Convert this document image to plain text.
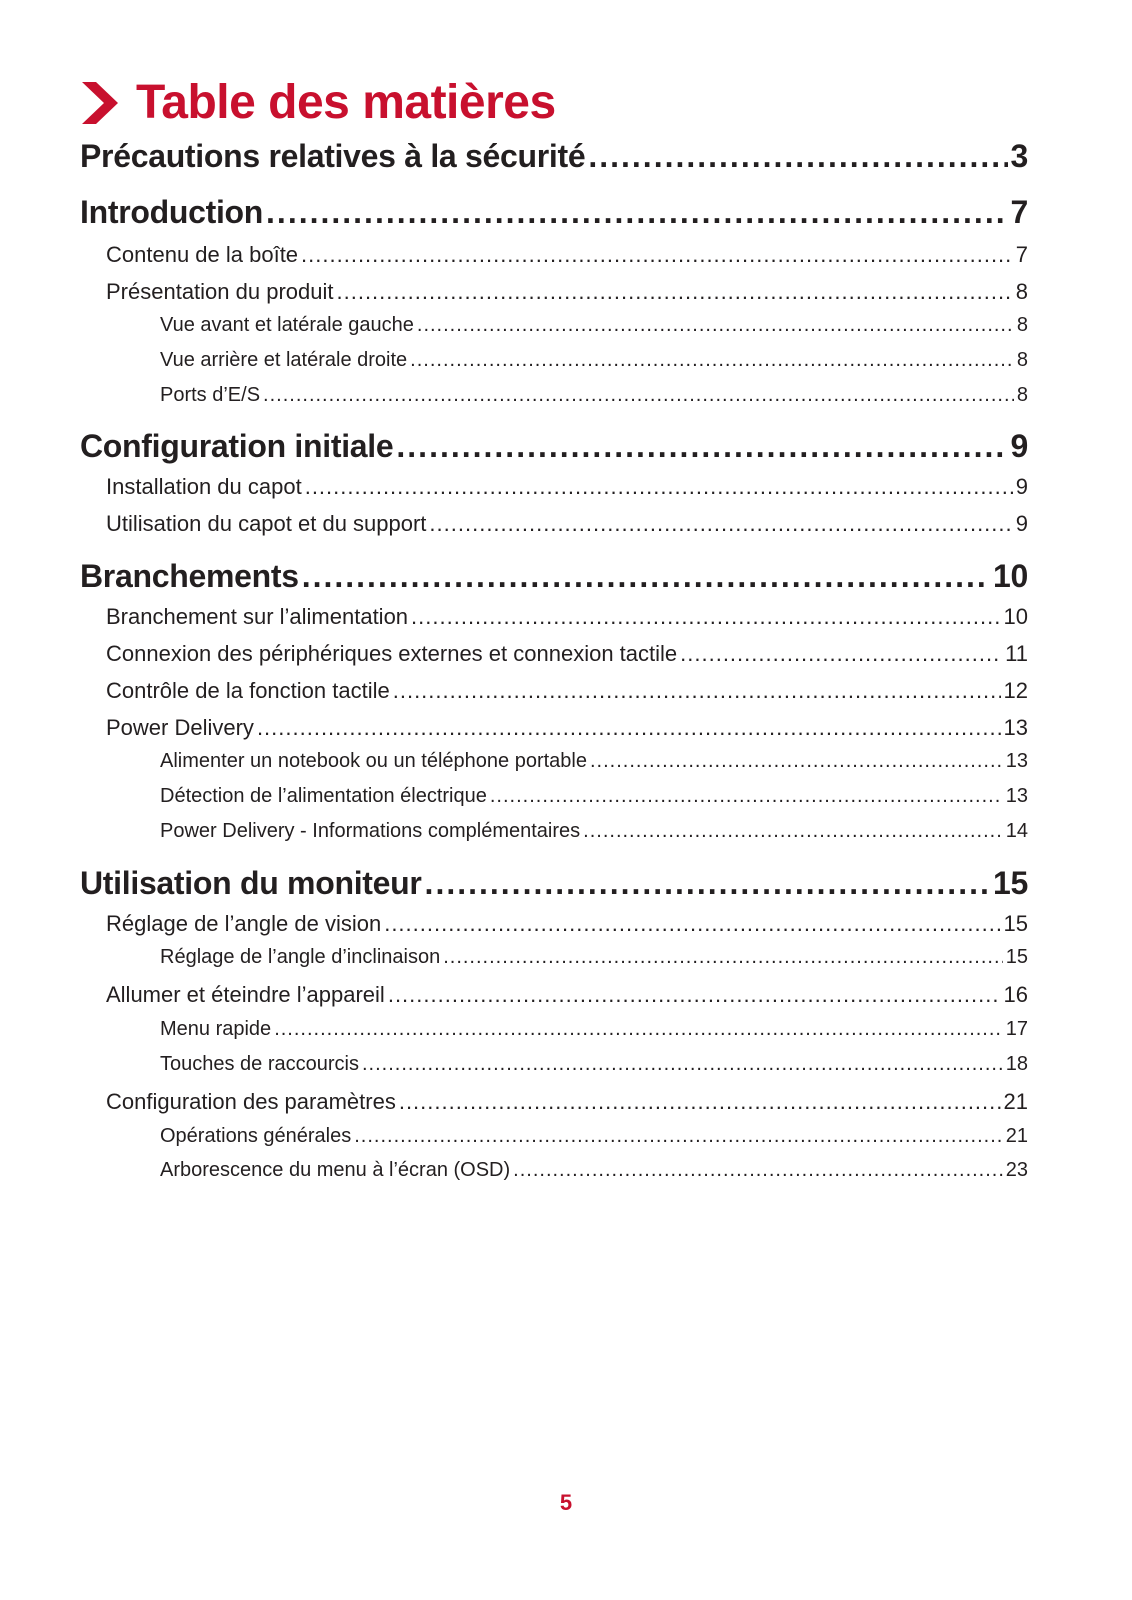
Table des matières
Précautions relatives à la sécurité .....	3
Introduction .....	7
Contenu de la boîte .....	7
Présentation du produit .....	8
Vue avant et latérale gauche .....	8
Vue arrière et latérale droite .....	8
Ports d’E/S .....	8
Configuration initiale .....	9
Installation du capot .....	9
Utilisation du capot et du support .....	9
Branchements .....	10
Branchement sur l’alimentation .....	10
Connexion des périphériques externes et connexion tactile .....	11
Contrôle de la fonction tactile .....	12
Power Delivery .....	13
Alimenter un notebook ou un téléphone portable .....	13
Détection de l’alimentation électrique .....	13
Power Delivery - Informations complémentaires .....	14
Utilisation du moniteur .....	15
Réglage de l’angle de vision .....	15
Réglage de l’angle d’inclinaison .....	15
Allumer et éteindre l’appareil .....	16
Menu rapide .....	17
Touches de raccourcis .....	18
Configuration des paramètres .....	21
Opérations générales .....	21
Arborescence du menu à l’écran (OSD) .....	23
5
